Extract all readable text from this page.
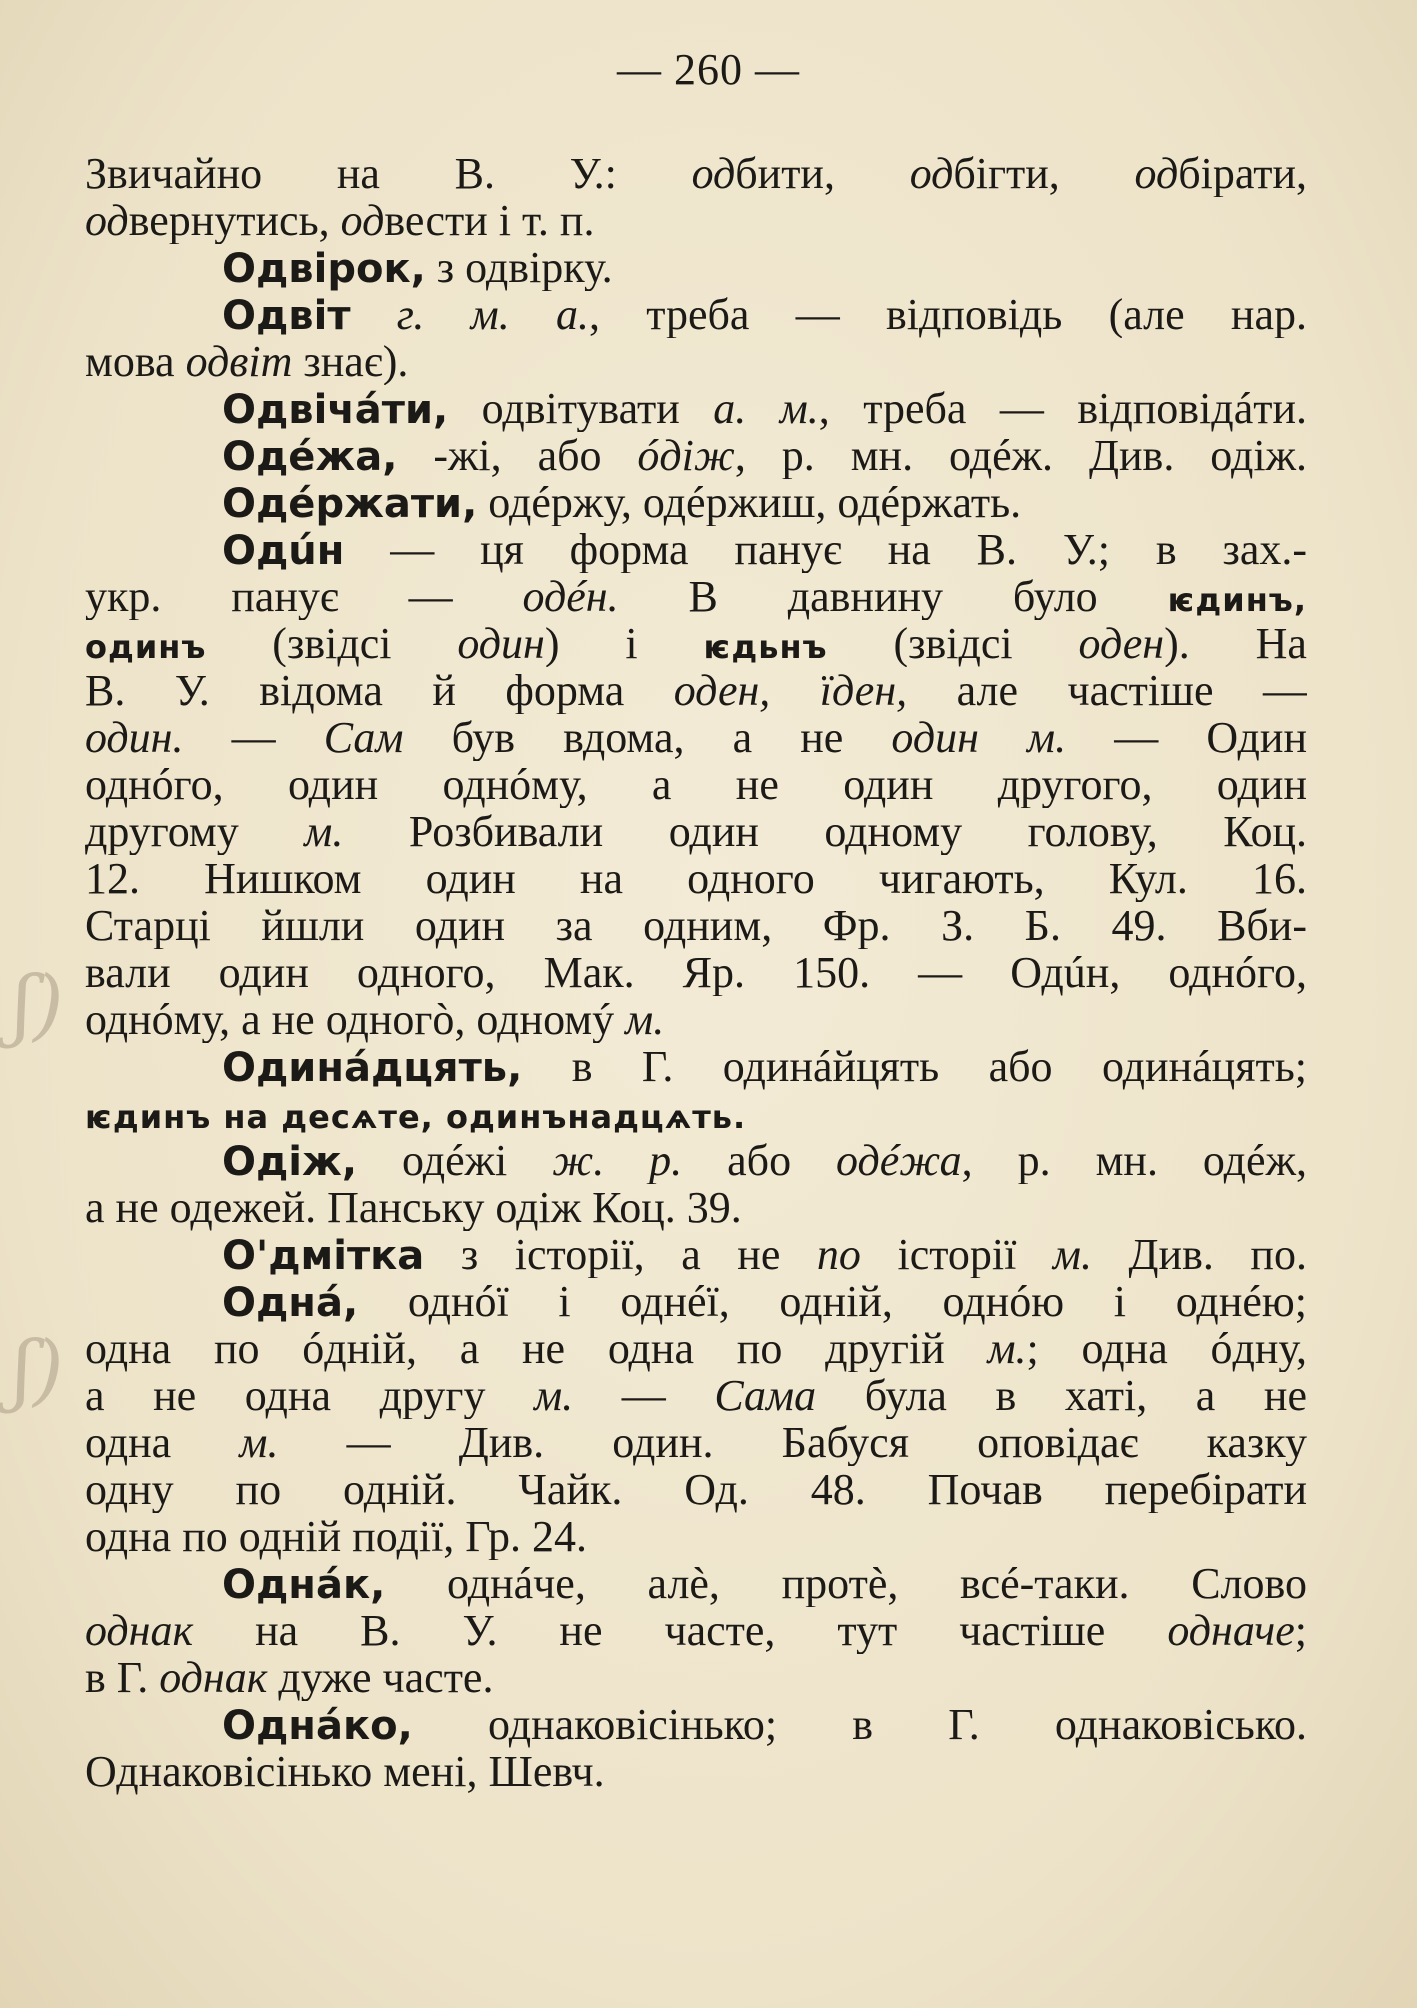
— 260 —
ʃ)
ʃ)
Звичайно на В. У.: одбити, одбігти, одбірати,
одвернутись, одвести і т. п.
Одвірок, з одвірку.
Одвіт г. м. а., треба — відповідь (але нар.
мова одвіт знає).
Одвічáти, одвітувати а. м., треба — відповідáти.
Одéжа, -жі, або óдіж, р. мн. одéж. Див. одіж.
Одéржати, одéржу, одéржиш, одéржать.
Одúн — ця форма панує на В. У.; в зах.-
укр. панує — одéн. В давнину було ѥдинъ,
одинъ (звідсі один) і ѥдьнъ (звідсі оден). На
В. У. відома й форма оден, їден, але частіше —
один. — Сам був вдома, а не один м. — Один
однóго, один однóму, а не один другого, один
другому м. Розбивали один одному голову, Коц.
12. Нишком один на одного чигають, Кул. 16.
Старці йшли один за одним, Фр. З. Б. 49. Вби-
вали один одного, Мак. Яр. 150. — Одúн, однóго,
однóму, а не одногò, одномý м.
Одинáдцять, в Г. одинáйцять або одинáцять;
ѥдинъ на десѧте, одинънадцѧть.
Одіж, одéжі ж. р. або одéжа, р. мн. одéж,
а не одежей. Панську одіж Коц. 39.
О'дмітка з історії, а не по історії м. Див. по.
Однá, однóї і однéї, одній, однóю і однéю;
одна по óдній, а не одна по другій м.; одна óдну,
а не одна другу м. — Сама була в хаті, а не
одна м. — Див. один. Бабуся оповідає казку
одну по одній. Чайк. Од. 48. Почав перебірати
одна по одній події, Гр. 24.
Однáк, однáче, алѐ, протѐ, всé-таки. Слово
однак на В. У. не часте, тут частіше одначе;
в Г. однак дуже часте.
Однáко, однаковісінько; в Г. однаковісько.
Однаковісінько мені, Шевч.
